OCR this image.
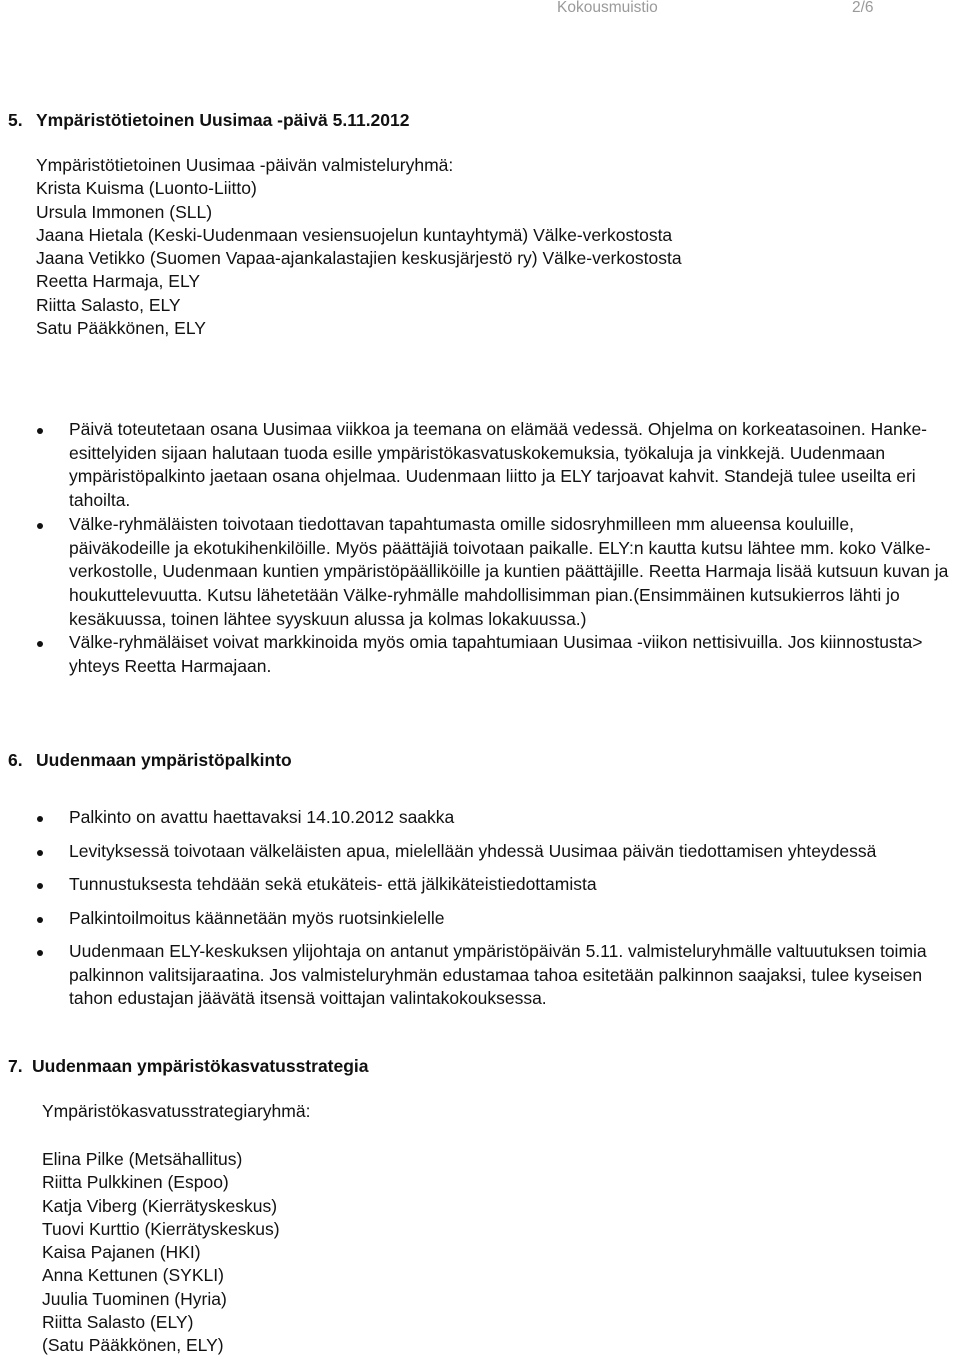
Kokousmuistio	2/6
5. Ympäristötietoinen Uusimaa -päivä 5.11.2012
Ympäristötietoinen Uusimaa -päivän valmisteluryhmä:
Krista Kuisma (Luonto-Liitto)
Ursula Immonen (SLL)
Jaana Hietala (Keski-Uudenmaan vesiensuojelun kuntayhtymä) Välke-verkostosta
Jaana Vetikko (Suomen Vapaa-ajankalastajien keskusjärjestö ry) Välke-verkostosta
Reetta Harmaja, ELY
Riitta Salasto, ELY
Satu Pääkkönen, ELY
Päivä toteutetaan osana Uusimaa viikkoa ja teemana on elämää vedessä. Ohjelma on korkeatasoinen. Hanke-esittelyiden sijaan halutaan tuoda esille ympäristökasvatuskokemuksia, työkaluja ja vinkkejä. Uudenmaan ympäristöpalkinto jaetaan osana ohjelmaa. Uudenmaan liitto ja ELY tarjoavat kahvit. Standejä tulee useilta eri tahoilta.
Välke-ryhmäläisten toivotaan tiedottavan tapahtumasta omille sidosryhmilleen mm alueensa kouluille, päiväkodeille ja ekotukihenkilöille. Myös päättäjiä toivotaan paikalle. ELY:n kautta kutsu lähtee mm. koko Välke-verkostolle, Uudenmaan kuntien ympäristöpäälliköille ja kuntien päättäjille. Reetta Harmaja lisää kutsuun kuvan ja houkuttelevuutta. Kutsu lähetetään Välke-ryhmälle mahdollisimman pian.(Ensimmäinen kutsukierros lähti jo kesäkuussa, toinen lähtee syyskuun alussa ja kolmas lokakuussa.)
Välke-ryhmäläiset voivat markkinoida myös omia tapahtumiaan Uusimaa -viikon nettisivuilla. Jos kiinnostusta> yhteys Reetta Harmajaan.
6. Uudenmaan ympäristöpalkinto
Palkinto on avattu haettavaksi 14.10.2012 saakka
Levityksessä toivotaan välkeläisten apua, mielellään yhdessä Uusimaa päivän tiedottamisen yhteydessä
Tunnustuksesta tehdään sekä etukäteis- että jälkikäteistiedottamista
Palkintoilmoitus käännetään myös ruotsinkielelle
Uudenmaan ELY-keskuksen ylijohtaja on antanut ympäristöpäivän 5.11. valmisteluryhmälle valtuutuksen toimia palkinnon valitsijaraatina. Jos valmisteluryhmän edustamaa tahoa esitetään palkinnon saajaksi, tulee kyseisen tahon edustajan jäävätä itsensä voittajan valintakokouksessa.
7. Uudenmaan ympäristökasvatusstrategia
Ympäristökasvatusstrategiaryhmä:
Elina Pilke (Metsähallitus)
Riitta Pulkkinen (Espoo)
Katja Viberg (Kierrätyskeskus)
Tuovi Kurttio (Kierrätyskeskus)
Kaisa Pajanen (HKI)
Anna Kettunen (SYKLI)
Juulia Tuominen (Hyria)
Riitta Salasto (ELY)
(Satu Pääkkönen, ELY)
